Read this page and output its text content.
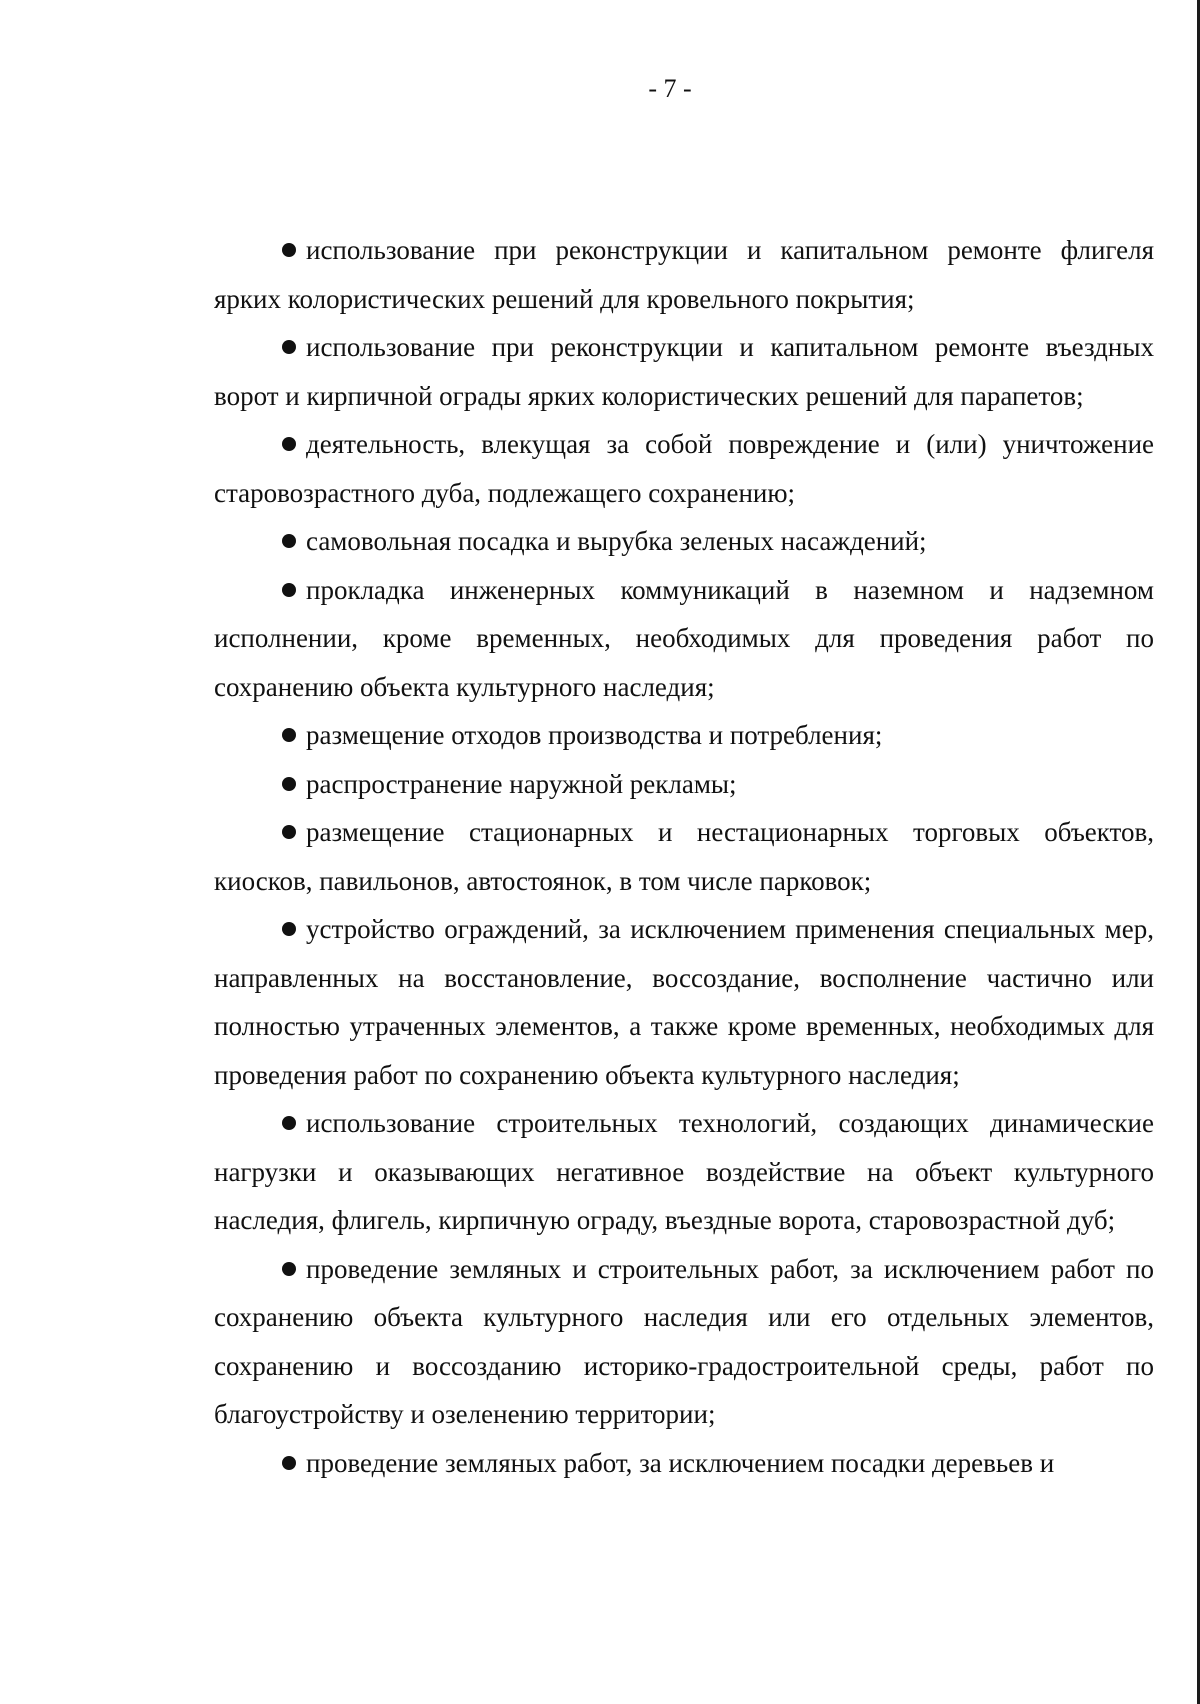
- 7 -

использование при реконструкции и капитальном ремонте флигеля ярких колористических решений для кровельного покрытия;

использование при реконструкции и капитальном ремонте въездных ворот и кирпичной ограды ярких колористических решений для парапетов;

деятельность, влекущая за собой повреждение и (или) уничтожение старовозрастного дуба, подлежащего сохранению;

самовольная посадка и вырубка зеленых насаждений;

прокладка инженерных коммуникаций в наземном и надземном исполнении, кроме временных, необходимых для проведения работ по сохранению объекта культурного наследия;

размещение отходов производства и потребления;

распространение наружной рекламы;

размещение стационарных и нестационарных торговых объектов, киосков, павильонов, автостоянок, в том числе парковок;

устройство ограждений, за исключением применения специальных мер, направленных на восстановление, воссоздание, восполнение частично или полностью утраченных элементов, а также кроме временных, необходимых для проведения работ по сохранению объекта культурного наследия;

использование строительных технологий, создающих динамические нагрузки и оказывающих негативное воздействие на объект культурного наследия, флигель, кирпичную ограду, въездные ворота, старовозрастной дуб;

проведение земляных и строительных работ, за исключением работ по сохранению объекта культурного наследия или его отдельных элементов, сохранению и воссозданию историко-градостроительной среды, работ по благоустройству и озеленению территории;

проведение земляных работ, за исключением посадки деревьев и
